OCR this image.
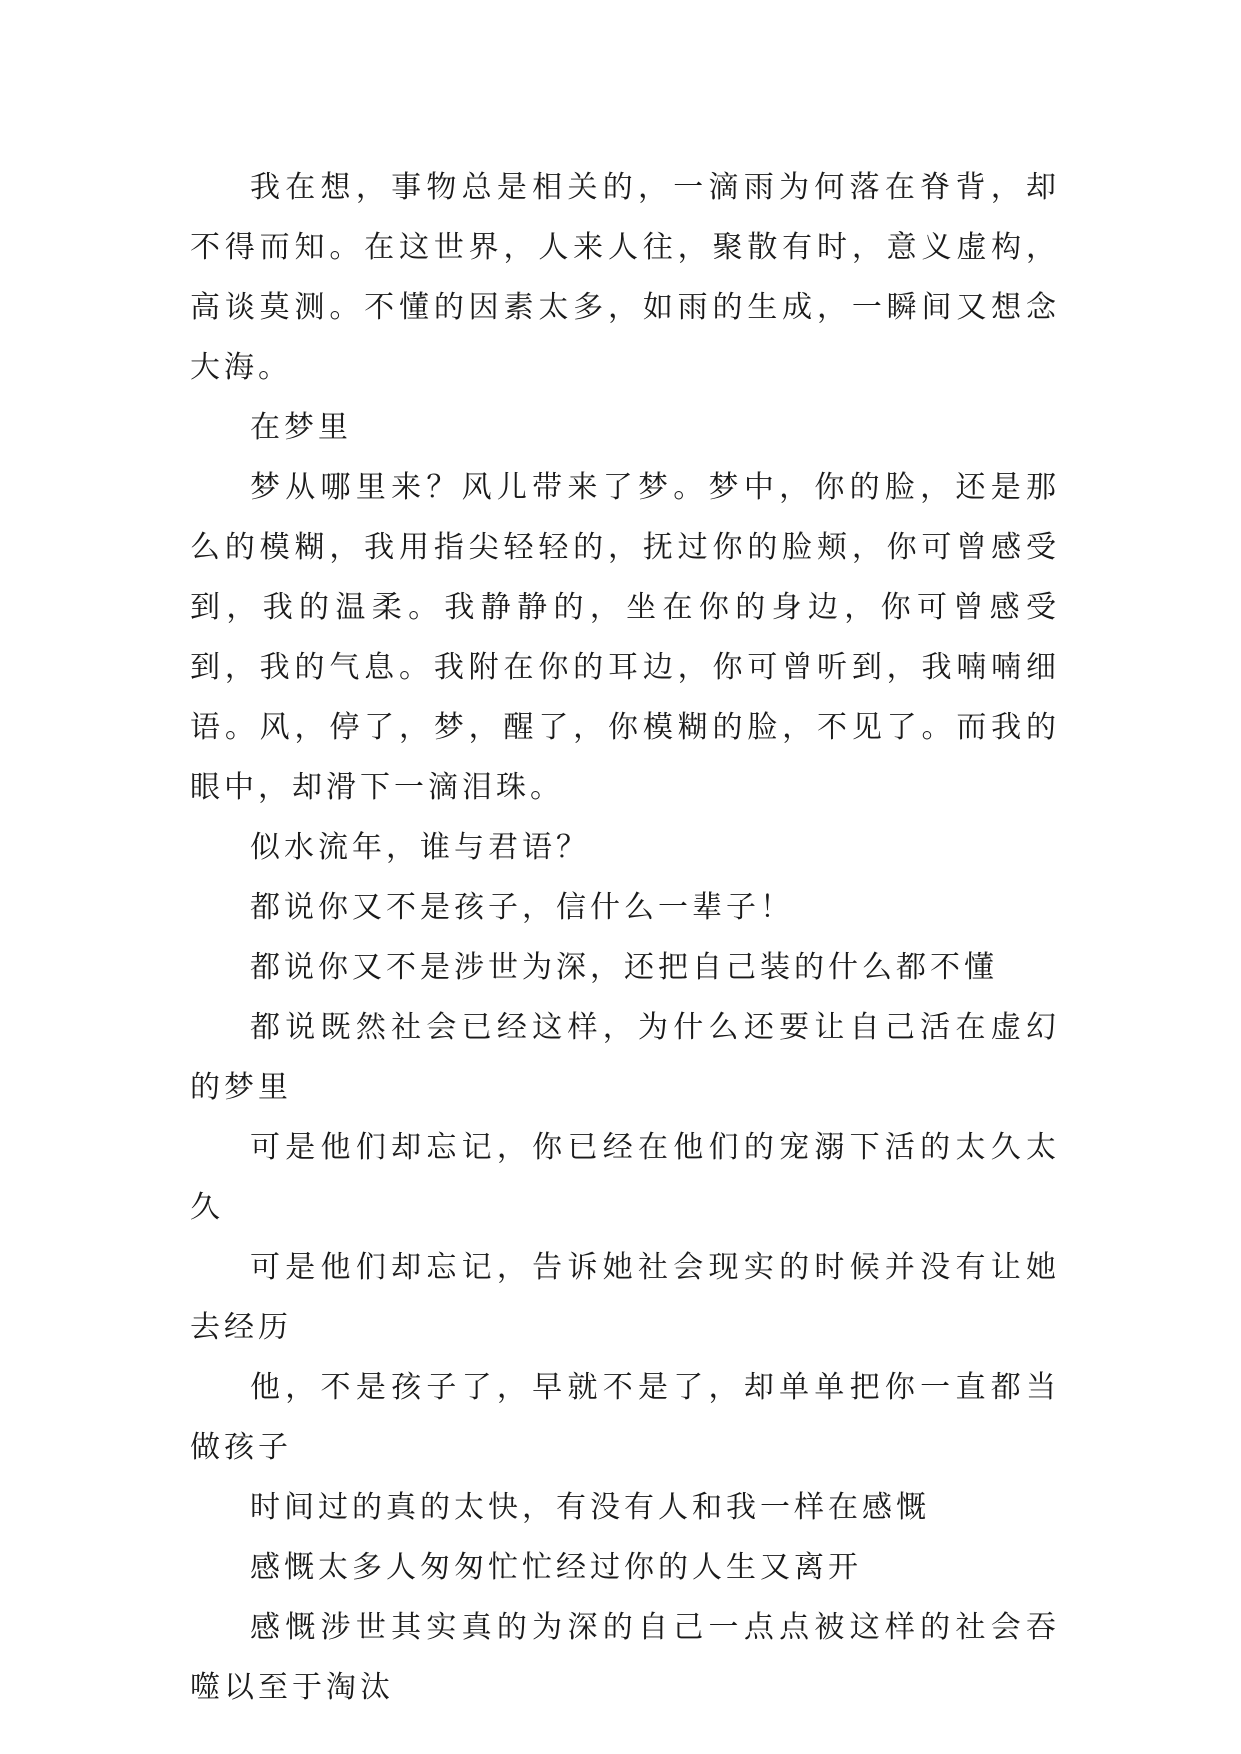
我在想，事物总是相关的，一滴雨为何落在脊背，却不得而知。在这世界，人来人往，聚散有时，意义虚构，高谈莫测。不懂的因素太多，如雨的生成，一瞬间又想念大海。

在梦里

梦从哪里来？风儿带来了梦。梦中，你的脸，还是那么的模糊，我用指尖轻轻的，抚过你的脸颊，你可曾感受到，我的温柔。我静静的，坐在你的身边，你可曾感受到，我的气息。我附在你的耳边，你可曾听到，我喃喃细语。风，停了，梦，醒了，你模糊的脸，不见了。而我的眼中，却滑下一滴泪珠。

似水流年，谁与君语？

都说你又不是孩子，信什么一辈子！

都说你又不是涉世为深，还把自己装的什么都不懂

都说既然社会已经这样，为什么还要让自己活在虚幻的梦里

可是他们却忘记，你已经在他们的宠溺下活的太久太久

可是他们却忘记，告诉她社会现实的时候并没有让她去经历

他，不是孩子了，早就不是了，却单单把你一直都当做孩子

时间过的真的太快，有没有人和我一样在感慨

感慨太多人匆匆忙忙经过你的人生又离开

感慨涉世其实真的为深的自己一点点被这样的社会吞噬以至于淘汰
